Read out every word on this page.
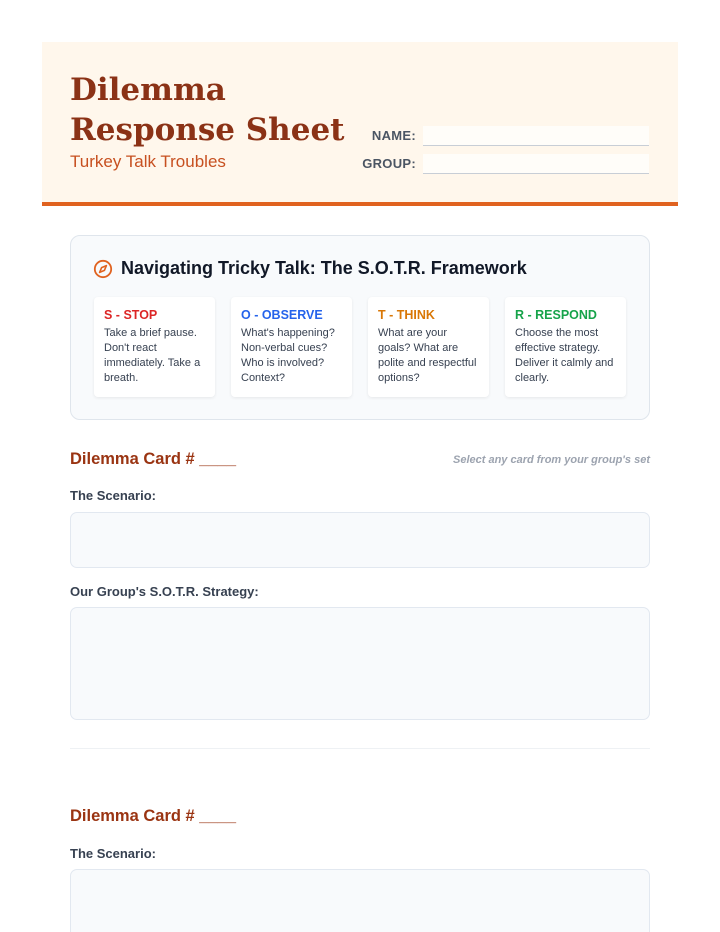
Dilemma Response Sheet
Turkey Talk Troubles
NAME:
GROUP:
Navigating Tricky Talk: The S.O.T.R. Framework
S - STOP
Take a brief pause. Don't react immediately. Take a breath.
O - OBSERVE
What's happening? Non-verbal cues? Who is involved? Context?
T - THINK
What are your goals? What are polite and respectful options?
R - RESPOND
Choose the most effective strategy. Deliver it calmly and clearly.
Dilemma Card # ____	Select any card from your group's set
The Scenario:
Our Group's S.O.T.R. Strategy:
Dilemma Card # ____
The Scenario:
